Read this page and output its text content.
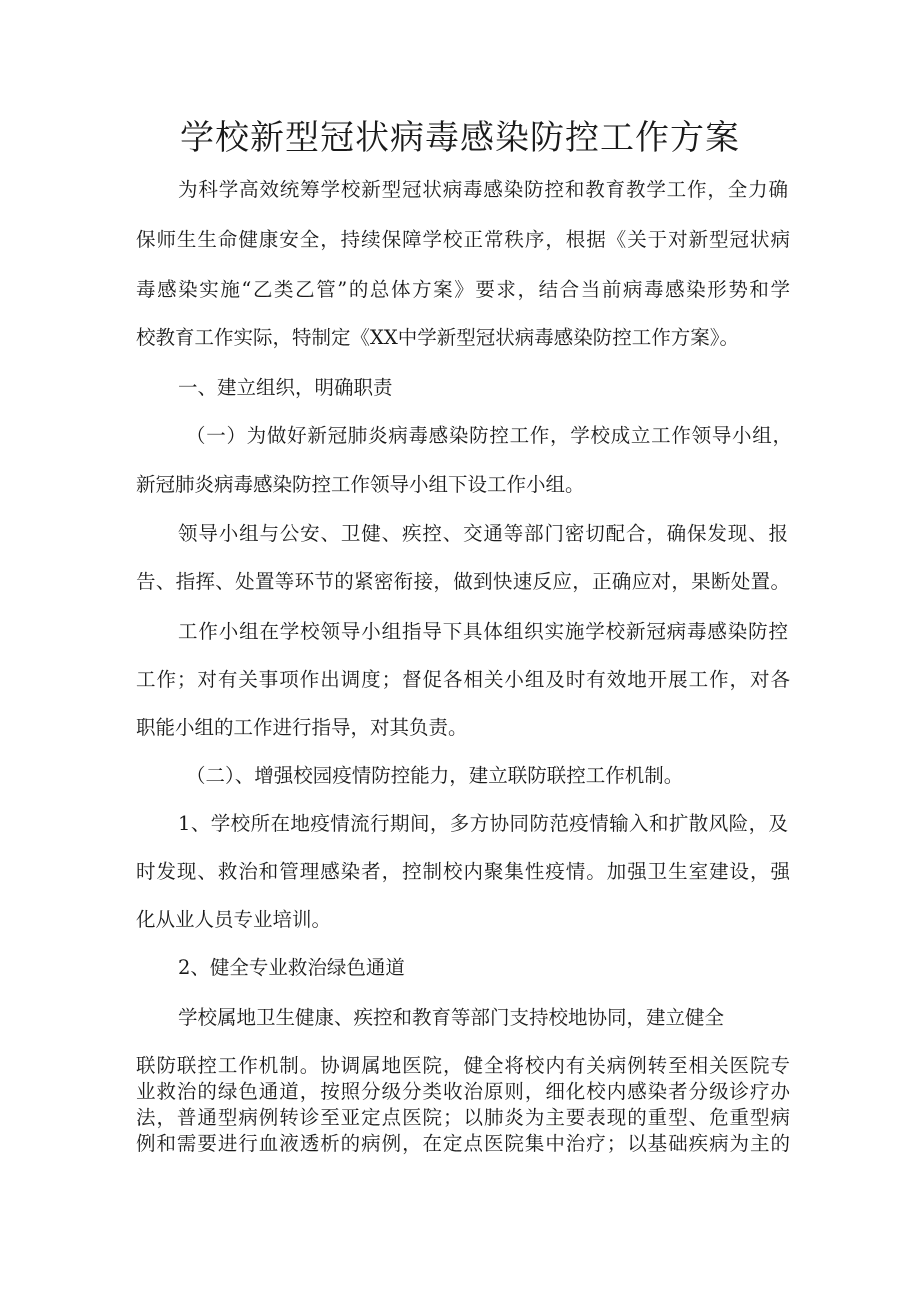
学校新型冠状病毒感染防控工作方案
为科学高效统筹学校新型冠状病毒感染防控和教育教学工作，全力确
保师生生命健康安全，持续保障学校正常秩序，根据《关于对新型冠状病
毒感染实施“乙类乙管”的总体方案》要求，结合当前病毒感染形势和学
校教育工作实际，特制定《XX中学新型冠状病毒感染防控工作方案》。
一、建立组织，明确职责
（一）为做好新冠肺炎病毒感染防控工作，学校成立工作领导小组，
新冠肺炎病毒感染防控工作领导小组下设工作小组。
领导小组与公安、卫健、疾控、交通等部门密切配合，确保发现、报
告、指挥、处置等环节的紧密衔接，做到快速反应，正确应对，果断处置。
工作小组在学校领导小组指导下具体组织实施学校新冠病毒感染防控
工作；对有关事项作出调度；督促各相关小组及时有效地开展工作，对各
职能小组的工作进行指导，对其负责。
（二）、增强校园疫情防控能力，建立联防联控工作机制。
1、学校所在地疫情流行期间，多方协同防范疫情输入和扩散风险，及
时发现、救治和管理感染者，控制校内聚集性疫情。加强卫生室建设，强
化从业人员专业培训。
2、健全专业救治绿色通道
学校属地卫生健康、疾控和教育等部门支持校地协同，建立健全
联防联控工作机制。协调属地医院，健全将校内有关病例转至相关医院专
业救治的绿色通道，按照分级分类收治原则，细化校内感染者分级诊疗办
法，普通型病例转诊至亚定点医院；以肺炎为主要表现的重型、危重型病
例和需要进行血液透析的病例，在定点医院集中治疗；以基础疾病为主的
